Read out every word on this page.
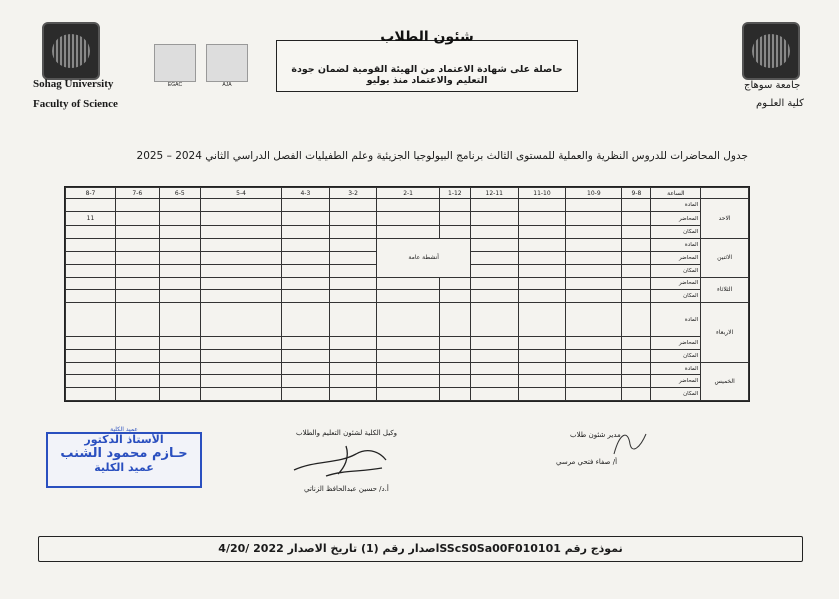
Sohag University
Faculty of Science
EGAC	AJA
شئون الطلاب
حاصلة على شهادة الاعتماد من الهيئة القومية لضمان جودة التعليم والاعتماد منذ يوليو	جامعة سوهاج
كلية العلـوم
جدول المحاضرات للدروس النظرية والعملية للمستوى الثالث برنامج البيولوجيا الجزيئية وعلم الطفيليات الفصل الدراسي الثاني 2024 – 2025
	الساعة	9-8	10-9	11-10	12-11	1-12	2-1	3-2	4-3	5-4	6-5	7-6	8-7
الاحد	المادة												
	المحاضر												11
	المكان												
الاثنين	المادة					أنشطة عامة							
	المحاضر												
	المكان												
الثلاثاء	المحاضر												
	المكان												
الاربعاء	المادة												
	المحاضر												
	المكان												
الخميس	المادة												
	المحاضر												
	المكان												
مدير شئون طلاب
أ/ صفاء فتحي مرسي
وكيل الكلية لشئون التعليم والطلاب
أ.د/ حسين عبدالحافظ الزناتي
عميد الكلية
الأستاذ الدكتور
حـازم محمود الشنب
عميد الكلية
نموذج رقم SScS0Sa00F010101اصدار رقم (1) تاريخ الاصدار 2022 /4/20
